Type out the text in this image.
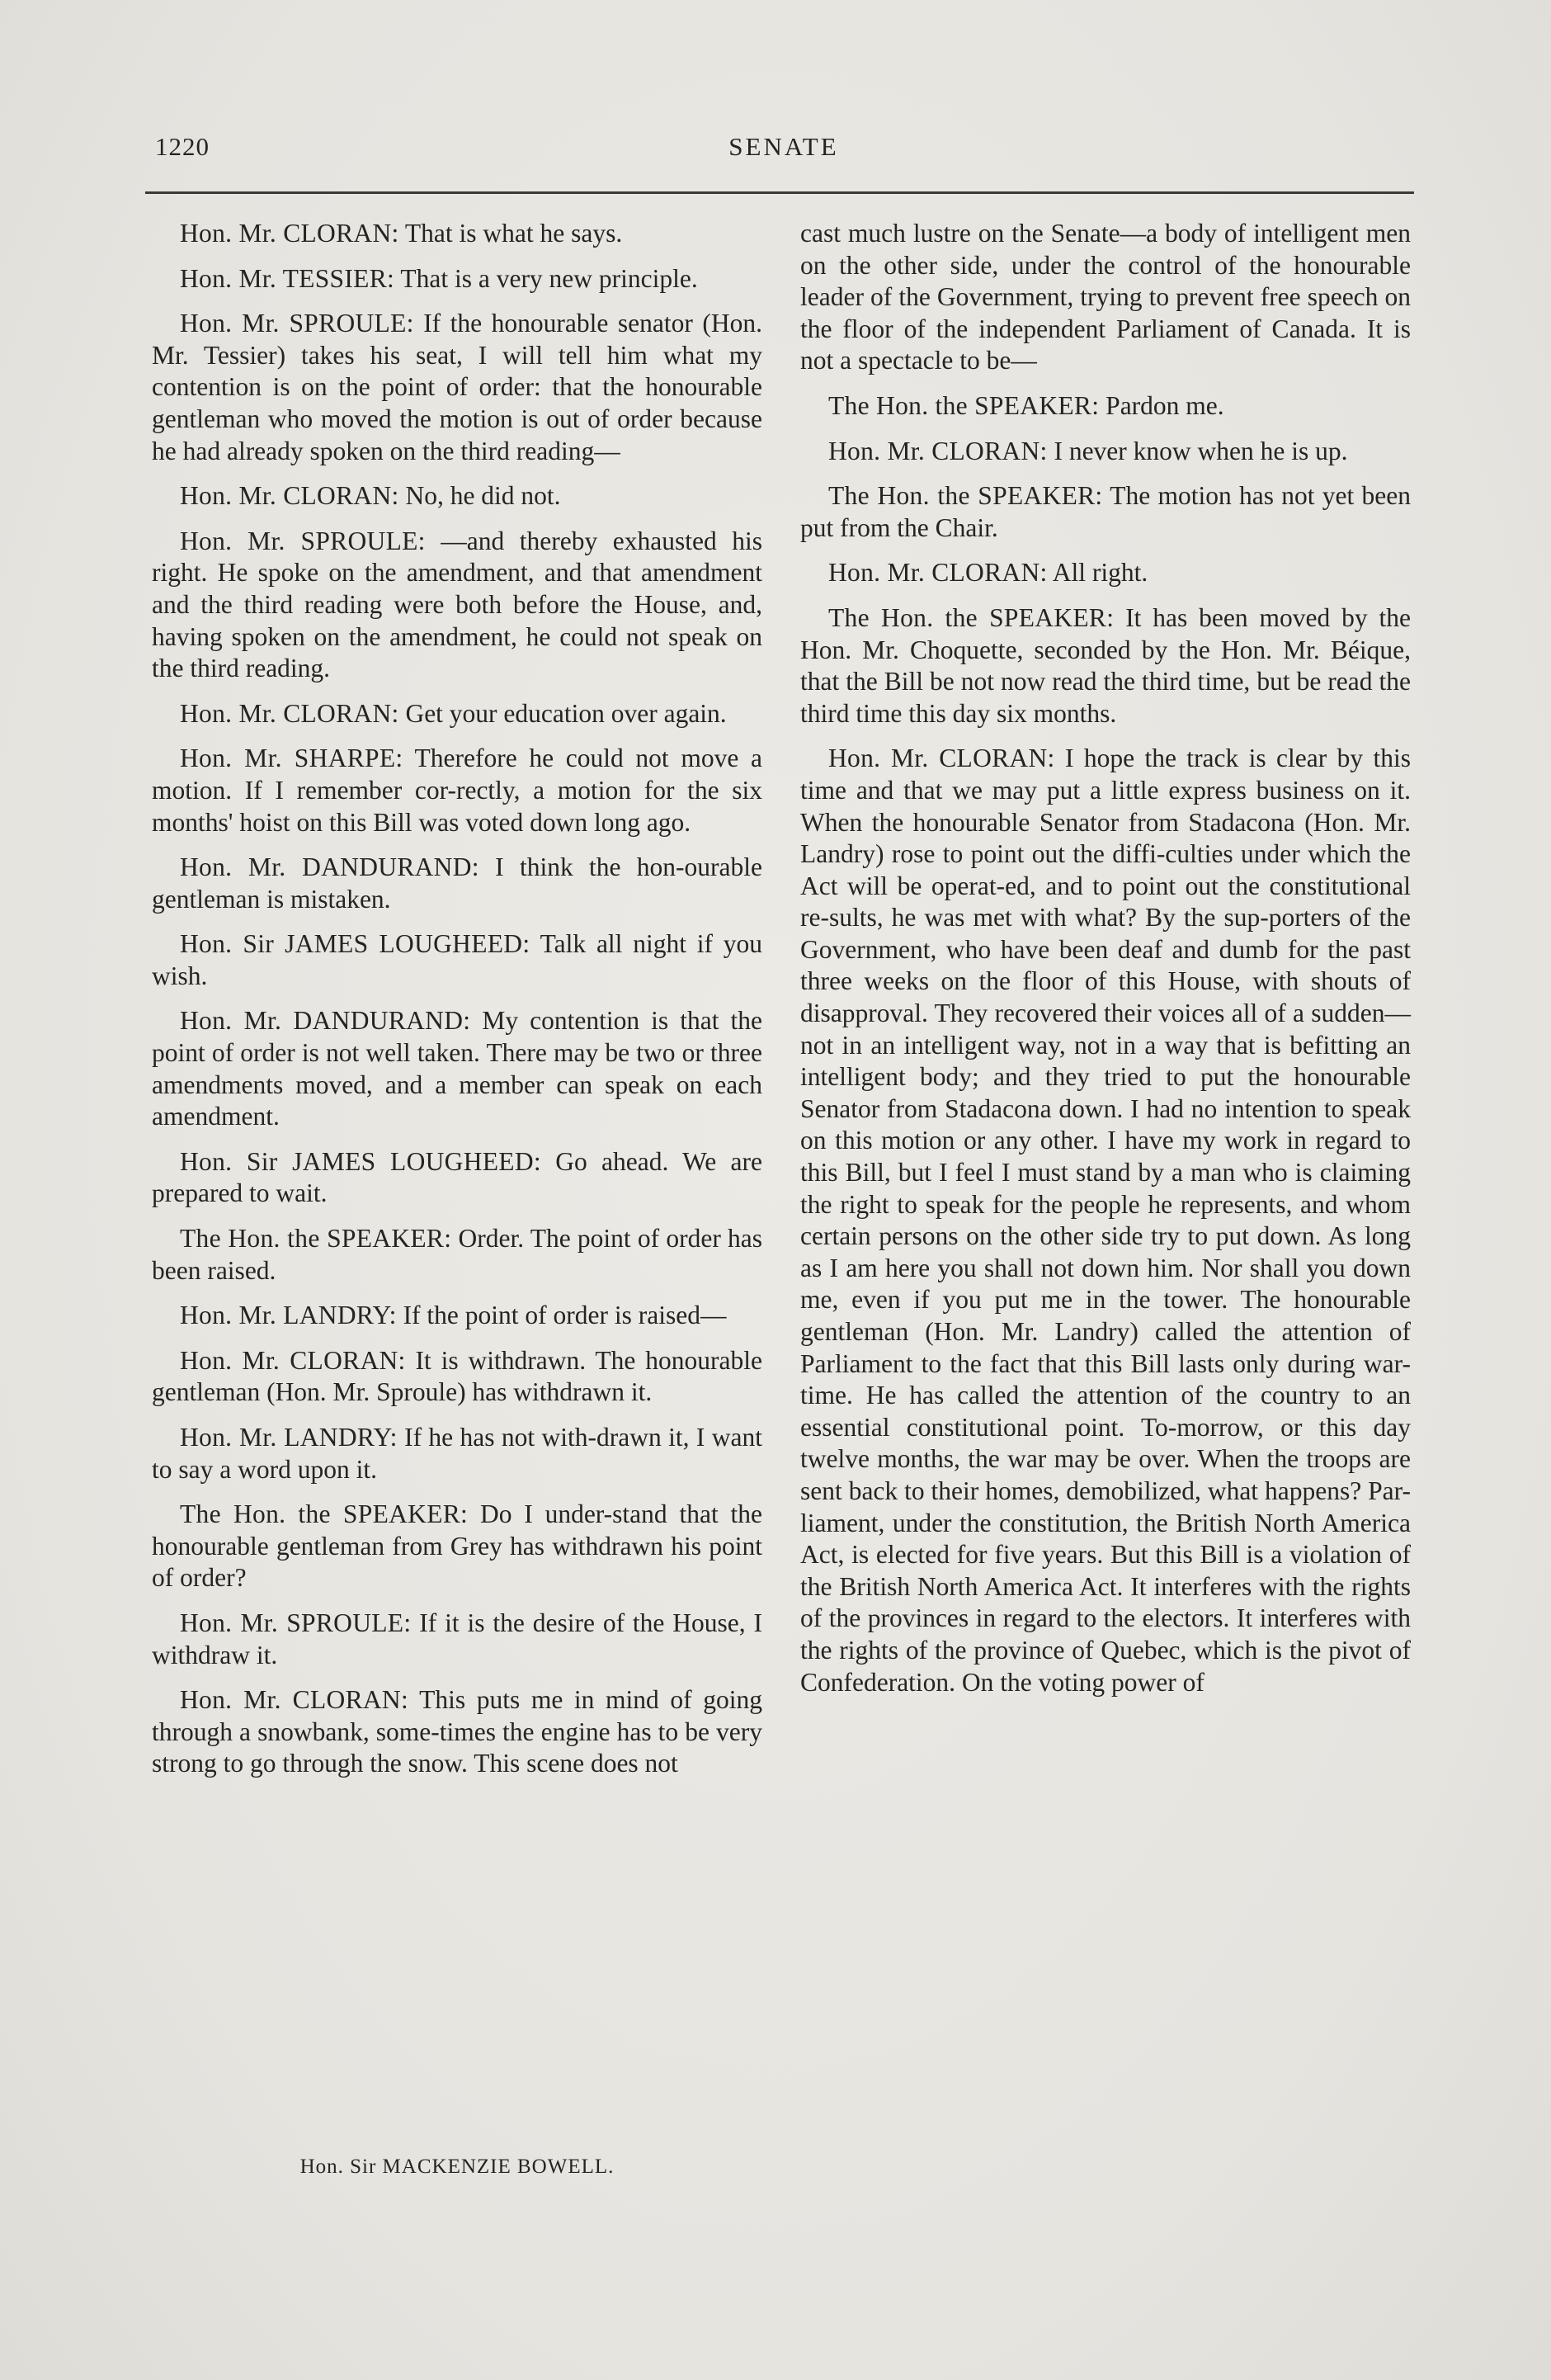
1220	SENATE

Hon. Mr. CLORAN: That is what he says.

Hon. Mr. TESSIER: That is a very new principle.

Hon. Mr. SPROULE: If the honourable senator (Hon. Mr. Tessier) takes his seat, I will tell him what my contention is on the point of order: that the honourable gentleman who moved the motion is out of order because he had already spoken on the third reading—

Hon. Mr. CLORAN: No, he did not.

Hon. Mr. SPROULE: —and thereby exhausted his right. He spoke on the amendment, and that amendment and the third reading were both before the House, and, having spoken on the amendment, he could not speak on the third reading.

Hon. Mr. CLORAN: Get your education over again.

Hon. Mr. SHARPE: Therefore he could not move a motion. If I remember cor-rectly, a motion for the six months' hoist on this Bill was voted down long ago.

Hon. Mr. DANDURAND: I think the hon-ourable gentleman is mistaken.

Hon. Sir JAMES LOUGHEED: Talk all night if you wish.

Hon. Mr. DANDURAND: My contention is that the point of order is not well taken. There may be two or three amendments moved, and a member can speak on each amendment.

Hon. Sir JAMES LOUGHEED: Go ahead. We are prepared to wait.

The Hon. the SPEAKER: Order. The point of order has been raised.

Hon. Mr. LANDRY: If the point of order is raised—

Hon. Mr. CLORAN: It is withdrawn. The honourable gentleman (Hon. Mr. Sproule) has withdrawn it.

Hon. Mr. LANDRY: If he has not with-drawn it, I want to say a word upon it.

The Hon. the SPEAKER: Do I under-stand that the honourable gentleman from Grey has withdrawn his point of order?

Hon. Mr. SPROULE: If it is the desire of the House, I withdraw it.

Hon. Mr. CLORAN: This puts me in mind of going through a snowbank, some-times the engine has to be very strong to go through the snow. This scene does not

cast much lustre on the Senate—a body of intelligent men on the other side, under the control of the honourable leader of the Government, trying to prevent free speech on the floor of the independent Parliament of Canada. It is not a spectacle to be—

The Hon. the SPEAKER: Pardon me.

Hon. Mr. CLORAN: I never know when he is up.

The Hon. the SPEAKER: The motion has not yet been put from the Chair.

Hon. Mr. CLORAN: All right.

The Hon. the SPEAKER: It has been moved by the Hon. Mr. Choquette, seconded by the Hon. Mr. Béique, that the Bill be not now read the third time, but be read the third time this day six months.

Hon. Mr. CLORAN: I hope the track is clear by this time and that we may put a little express business on it. When the honourable Senator from Stadacona (Hon. Mr. Landry) rose to point out the diffi-culties under which the Act will be operat-ed, and to point out the constitutional re-sults, he was met with what? By the sup-porters of the Government, who have been deaf and dumb for the past three weeks on the floor of this House, with shouts of disapproval. They recovered their voices all of a sudden—not in an intelligent way, not in a way that is befitting an intelligent body; and they tried to put the honourable Senator from Stadacona down. I had no intention to speak on this motion or any other. I have my work in regard to this Bill, but I feel I must stand by a man who is claiming the right to speak for the people he represents, and whom certain persons on the other side try to put down. As long as I am here you shall not down him. Nor shall you down me, even if you put me in the tower. The honourable gentleman (Hon. Mr. Landry) called the attention of Parliament to the fact that this Bill lasts only during war-time. He has called the attention of the country to an essential constitutional point. To-morrow, or this day twelve months, the war may be over. When the troops are sent back to their homes, demobilized, what happens? Par-liament, under the constitution, the British North America Act, is elected for five years. But this Bill is a violation of the British North America Act. It interferes with the rights of the provinces in regard to the electors. It interferes with the rights of the province of Quebec, which is the pivot of Confederation. On the voting power of

Hon. Sir MACKENZIE BOWELL.
